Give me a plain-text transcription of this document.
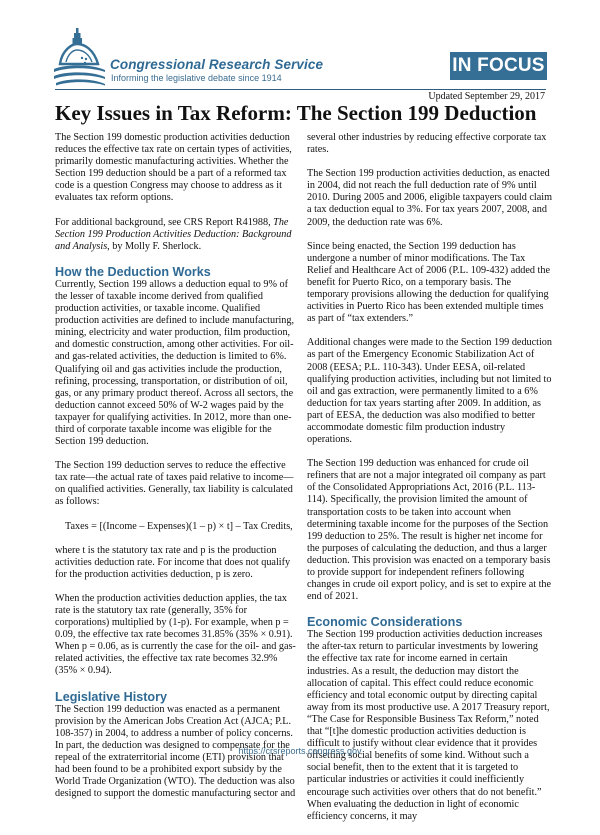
Congressional Research Service
Informing the legislative debate since 1914
IN FOCUS
Updated September 29, 2017
Key Issues in Tax Reform: The Section 199 Deduction

The Section 199 domestic production activities deduction reduces the effective tax rate on certain types of activities, primarily domestic manufacturing activities. Whether the Section 199 deduction should be a part of a reformed tax code is a question Congress may choose to address as it evaluates tax reform options.

For additional background, see CRS Report R41988, The Section 199 Production Activities Deduction: Background and Analysis, by Molly F. Sherlock.

How the Deduction Works

Currently, Section 199 allows a deduction equal to 9% of the lesser of taxable income derived from qualified production activities, or taxable income. Qualified production activities are defined to include manufacturing, mining, electricity and water production, film production, and domestic construction, among other activities. For oil- and gas-related activities, the deduction is limited to 6%. Qualifying oil and gas activities include the production, refining, processing, transportation, or distribution of oil, gas, or any primary product thereof. Across all sectors, the deduction cannot exceed 50% of W-2 wages paid by the taxpayer for qualifying activities. In 2012, more than one-third of corporate taxable income was eligible for the Section 199 deduction.

The Section 199 deduction serves to reduce the effective tax rate—the actual rate of taxes paid relative to income—on qualified activities. Generally, tax liability is calculated as follows:

Taxes = [(Income – Expenses)(1 – p) × t] – Tax Credits,

where t is the statutory tax rate and p is the production activities deduction rate. For income that does not qualify for the production activities deduction, p is zero.

When the production activities deduction applies, the tax rate is the statutory tax rate (generally, 35% for corporations) multiplied by (1-p). For example, when p = 0.09, the effective tax rate becomes 31.85% (35% × 0.91). When p = 0.06, as is currently the case for the oil- and gas-related activities, the effective tax rate becomes 32.9% (35% × 0.94).

Legislative History

The Section 199 deduction was enacted as a permanent provision by the American Jobs Creation Act (AJCA; P.L. 108-357) in 2004, to address a number of policy concerns. In part, the deduction was designed to compensate for the repeal of the extraterritorial income (ETI) provision that had been found to be a prohibited export subsidy by the World Trade Organization (WTO). The deduction was also designed to support the domestic manufacturing sector and

several other industries by reducing effective corporate tax rates.

The Section 199 production activities deduction, as enacted in 2004, did not reach the full deduction rate of 9% until 2010. During 2005 and 2006, eligible taxpayers could claim a tax deduction equal to 3%. For tax years 2007, 2008, and 2009, the deduction rate was 6%.

Since being enacted, the Section 199 deduction has undergone a number of minor modifications. The Tax Relief and Healthcare Act of 2006 (P.L. 109-432) added the benefit for Puerto Rico, on a temporary basis. The temporary provisions allowing the deduction for qualifying activities in Puerto Rico has been extended multiple times as part of “tax extenders.”

Additional changes were made to the Section 199 deduction as part of the Emergency Economic Stabilization Act of 2008 (EESA; P.L. 110-343). Under EESA, oil-related qualifying production activities, including but not limited to oil and gas extraction, were permanently limited to a 6% deduction for tax years starting after 2009. In addition, as part of EESA, the deduction was also modified to better accommodate domestic film production industry operations.

The Section 199 deduction was enhanced for crude oil refiners that are not a major integrated oil company as part of the Consolidated Appropriations Act, 2016 (P.L. 113-114). Specifically, the provision limited the amount of transportation costs to be taken into account when determining taxable income for the purposes of the Section 199 deduction to 25%. The result is higher net income for the purposes of calculating the deduction, and thus a larger deduction. This provision was enacted on a temporary basis to provide support for independent refiners following changes in crude oil export policy, and is set to expire at the end of 2021.

Economic Considerations

The Section 199 production activities deduction increases the after-tax return to particular investments by lowering the effective tax rate for income earned in certain industries. As a result, the deduction may distort the allocation of capital. This effect could reduce economic efficiency and total economic output by directing capital away from its most productive use. A 2017 Treasury report, “The Case for Responsible Business Tax Reform,” noted that “[t]he domestic production activities deduction is difficult to justify without clear evidence that it provides offsetting social benefits of some kind. Without such a social benefit, then to the extent that it is targeted to particular industries or activities it could inefficiently encourage such activities over others that do not benefit.” When evaluating the deduction in light of economic efficiency concerns, it may

https://crsreports.congress.gov
